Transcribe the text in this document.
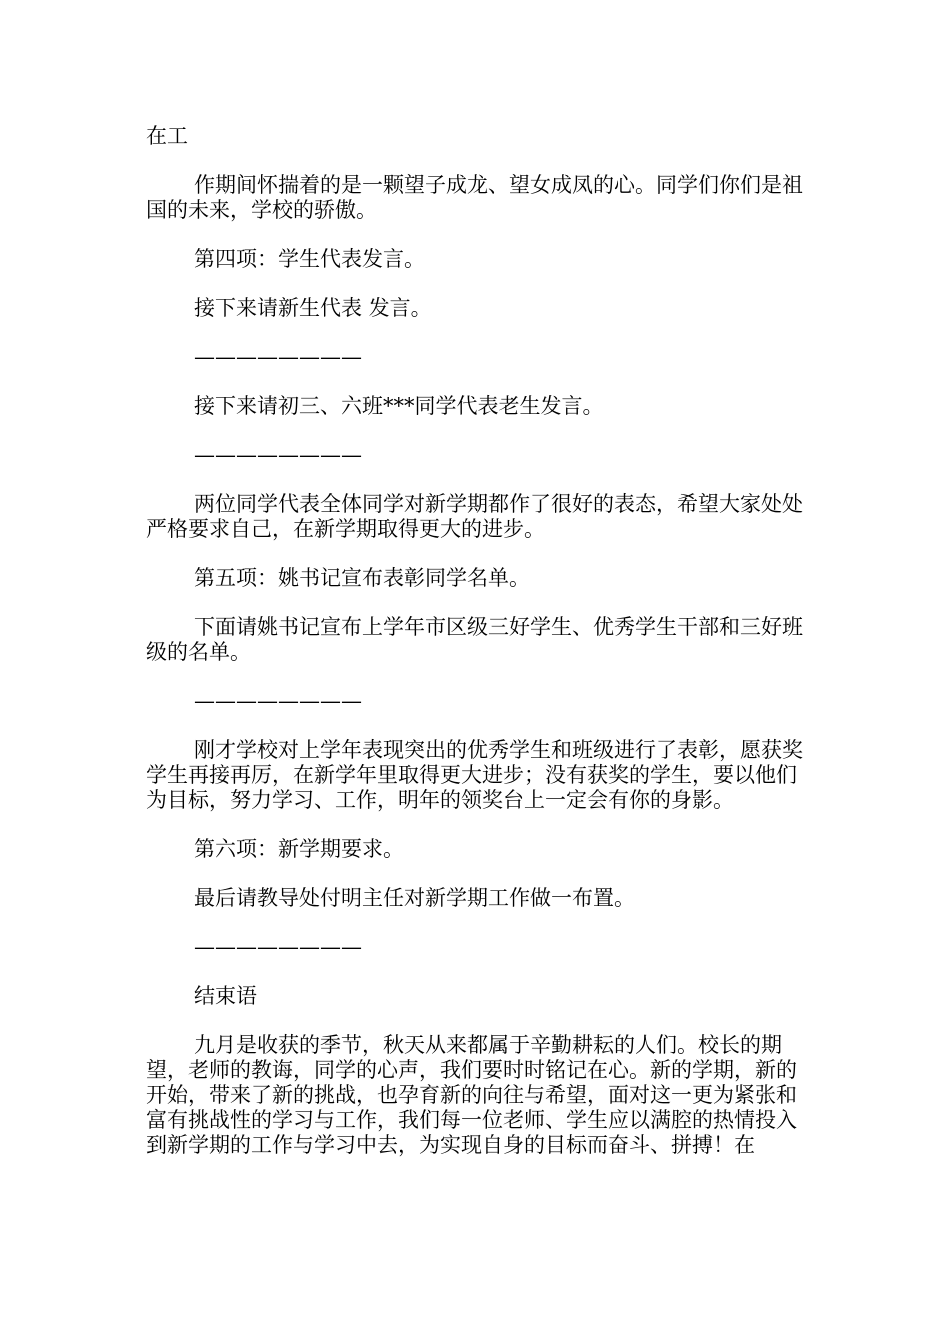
在工

作期间怀揣着的是一颗望子成龙、望女成凤的心。同学们你们是祖国的未来，学校的骄傲。

第四项：学生代表发言。

接下来请新生代表 发言。

————————

接下来请初三、六班***同学代表老生发言。

————————

两位同学代表全体同学对新学期都作了很好的表态，希望大家处处严格要求自己，在新学期取得更大的进步。

第五项：姚书记宣布表彰同学名单。

下面请姚书记宣布上学年市区级三好学生、优秀学生干部和三好班级的名单。

————————

刚才学校对上学年表现突出的优秀学生和班级进行了表彰，愿获奖学生再接再厉，在新学年里取得更大进步；没有获奖的学生，要以他们为目标，努力学习、工作，明年的领奖台上一定会有你的身影。

第六项：新学期要求。

最后请教导处付明主任对新学期工作做一布置。

————————

结束语

九月是收获的季节，秋天从来都属于辛勤耕耘的人们。校长的期望，老师的教诲，同学的心声，我们要时时铭记在心。新的学期，新的开始，带来了新的挑战，也孕育新的向往与希望，面对这一更为紧张和富有挑战性的学习与工作，我们每一位老师、学生应以满腔的热情投入到新学期的工作与学习中去，为实现自身的目标而奋斗、拼搏！在
